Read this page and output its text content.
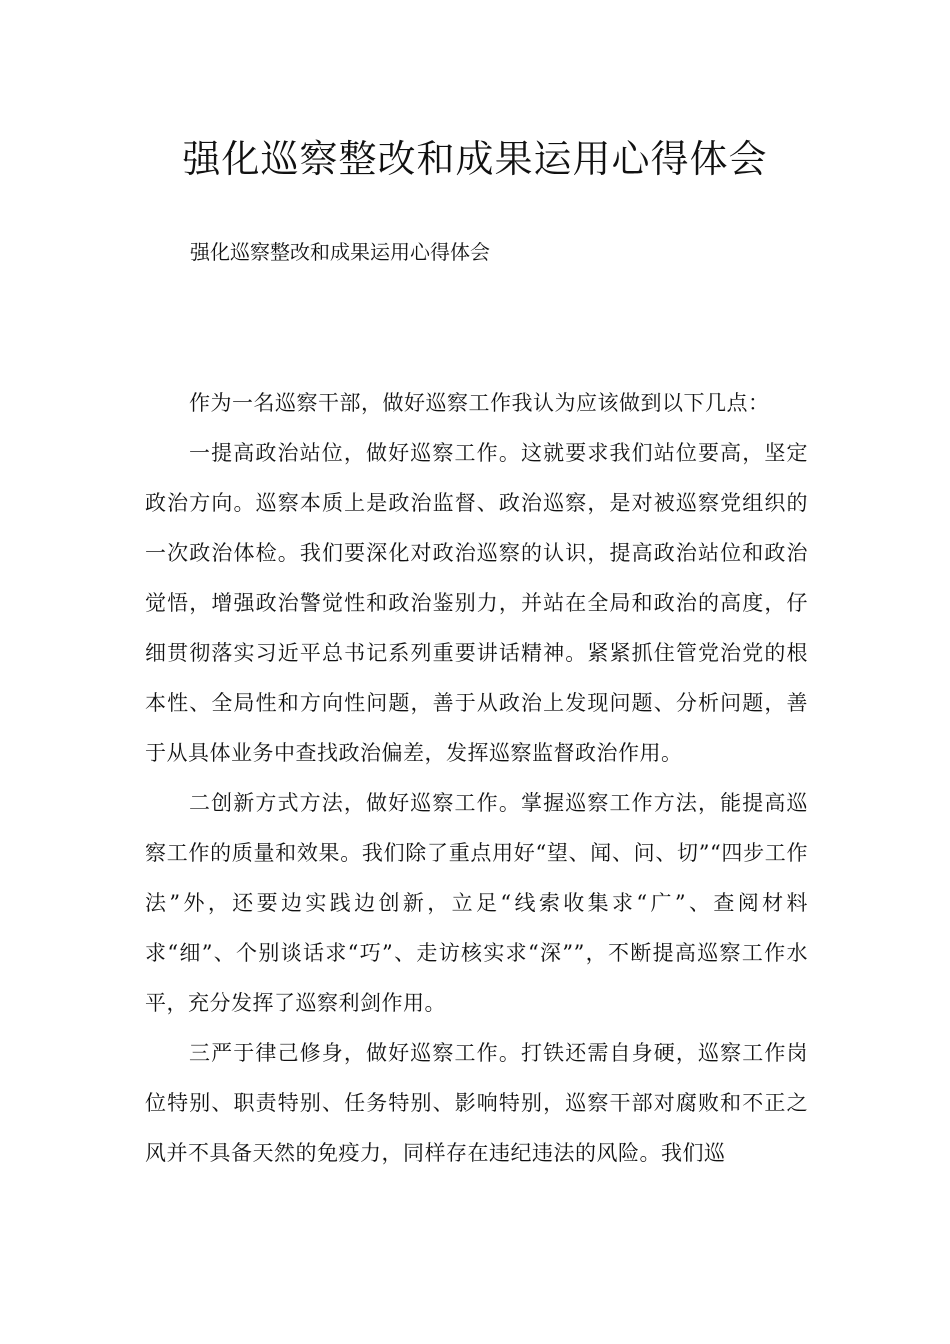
强化巡察整改和成果运用心得体会

强化巡察整改和成果运用心得体会

作为一名巡察干部，做好巡察工作我认为应该做到以下几点：

一提高政治站位，做好巡察工作。这就要求我们站位要高，坚定政治方向。巡察本质上是政治监督、政治巡察，是对被巡察党组织的一次政治体检。我们要深化对政治巡察的认识，提高政治站位和政治觉悟，增强政治警觉性和政治鉴别力，并站在全局和政治的高度，仔细贯彻落实习近平总书记系列重要讲话精神。紧紧抓住管党治党的根本性、全局性和方向性问题，善于从政治上发现问题、分析问题，善于从具体业务中查找政治偏差，发挥巡察监督政治作用。

二创新方式方法，做好巡察工作。掌握巡察工作方法，能提高巡察工作的质量和效果。我们除了重点用好“望、闻、问、切”“四步工作法”外，还要边实践边创新，立足“线索收集求“广”、查阅材料求“细”、个别谈话求“巧”、走访核实求“深””，不断提高巡察工作水平，充分发挥了巡察利剑作用。

三严于律己修身，做好巡察工作。打铁还需自身硬，巡察工作岗位特别、职责特别、任务特别、影响特别，巡察干部对腐败和不正之风并不具备天然的免疫力，同样存在违纪违法的风险。我们巡
